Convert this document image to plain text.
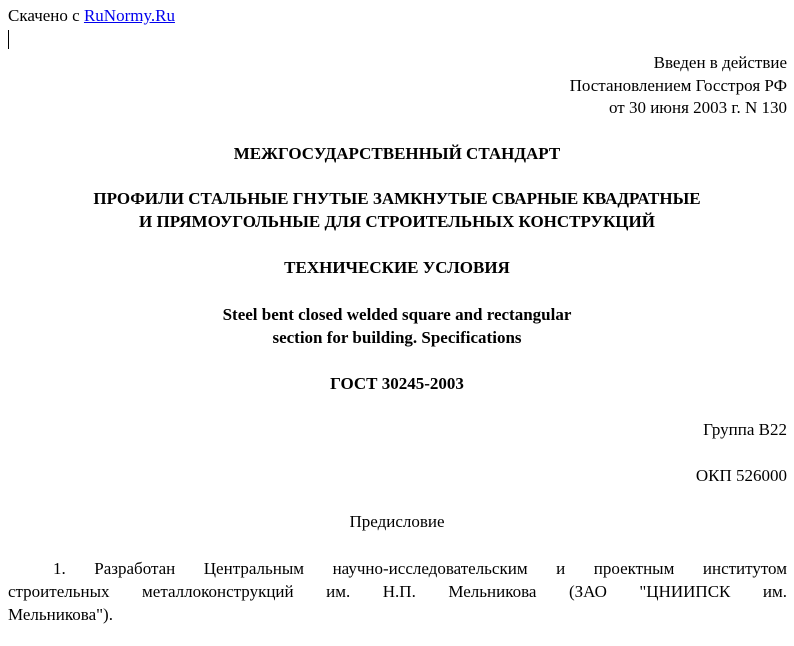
Скачено с RuNormy.Ru
Введен в действие
Постановлением Госстроя РФ
от 30 июня 2003 г. N 130
МЕЖГОСУДАРСТВЕННЫЙ СТАНДАРТ
ПРОФИЛИ СТАЛЬНЫЕ ГНУТЫЕ ЗАМКНУТЫЕ СВАРНЫЕ КВАДРАТНЫЕ
И ПРЯМОУГОЛЬНЫЕ ДЛЯ СТРОИТЕЛЬНЫХ КОНСТРУКЦИЙ
ТЕХНИЧЕСКИЕ УСЛОВИЯ
Steel bent closed welded square and rectangular
section for building. Specifications
ГОСТ 30245-2003
Группа В22
ОКП 526000
Предисловие
1. Разработан Центральным научно-исследовательским и проектным институтом
строительных металлоконструкций им. Н.П. Мельникова (ЗАО "ЦНИИПСК им.
Мельникова").
